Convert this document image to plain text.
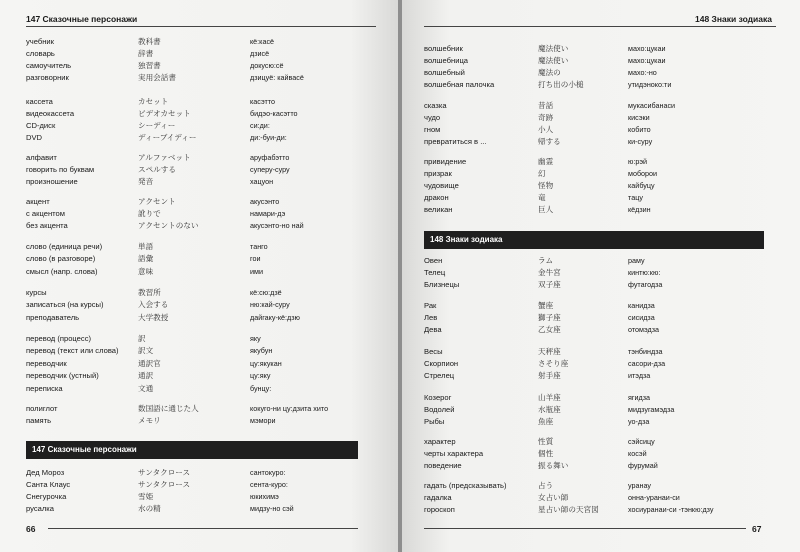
147 Сказочные персонажи
учебник	教科書	кё:касё
словарь	辞書	дзисё
самоучитель	独習書	докусю:сё
разговорник	実用会話書	дзицуё: кайвасё
кассета	カセット	касэтто
видеокассета	ビデオカセット	бидэо-касэтто
CD-диск	シーディー	си:ди:
DVD	ディーブイディー	ди:-буи-ди:
алфавит	アルファベット	аруфабэтто
говорить по буквам	スペルする	суперу-суру
произношение	発音	хацуон
акцент	アクセント	акусэнто
с акцентом	訛りで	намари-дэ
без акцента	アクセントのない	акусэнто-но най
слово (единица речи)	単語	танго
слово (в разговоре)	語彙	гои
смысл (напр. слова)	意味	ими
курсы	教習所	кё:сю:дзё
записаться (на курсы)	入会する	ню:кай-суру
преподаватель	大学教授	дайгаку-кё:дзю
перевод (процесс)	訳	яку
перевод (текст или слова)	訳文	якубун
переводчик	通訳官	цу:якукан
переводчик (устный)	通訳	цу:яку
переписка	文通	бунцу:
полиглот	数国語に通じた人	кокуго-ни цу:дзита хито
память	メモリ	мэмори
147 Сказочные персонажи
Дед Мороз	サンタクロース	сантокуро:
Санта Клаус	サンタクロース	сента-куро:
Снегурочка	雪姫	юкихимэ
русалка	水の精	мидзу-но сэй
66
148 Знаки зодиака
волшебник	魔法使い	махо:цукаи
волшебница	魔法使い	махо:цукаи
волшебный	魔法の	махо:-но
волшебная палочка	打ち出の小槌	утидэноко:ти
сказка	昔話	мукасибанаси
чудо	奇跡	кисэки
гном	小人	кобито
превратиться в ...	帰する	ки-суру
привидение	幽霊	ю:рэй
призрак	幻	моборои
чудовище	怪物	кайбуцу
дракон	竜	тацу
великан	巨人	кёдзин
148 Знаки зодиака
Овен	ラム	раму
Телец	金牛宮	кинтю:кю:
Близнецы	双子座	футагодза
Рак	蟹座	канидза
Лев	獅子座	сисидза
Дева	乙女座	отомэдза
Весы	天秤座	тэнбиндза
Скорпион	さそり座	сасори-дза
Стрелец	射手座	итэдза
Козерог	山羊座	ягидза
Водолей	水瓶座	мидзугамэдза
Рыбы	魚座	уо-дза
характер	性質	сэйсицу
черты характера	個性	косэй
поведение	振る舞い	фурумай
гадать (предсказывать)	占う	уранау
гадалка	女占い師	онна-уранаи-си
гороскоп	星占い師の天宮図	хосиуранаи-си -тэнкю:дзу
67
